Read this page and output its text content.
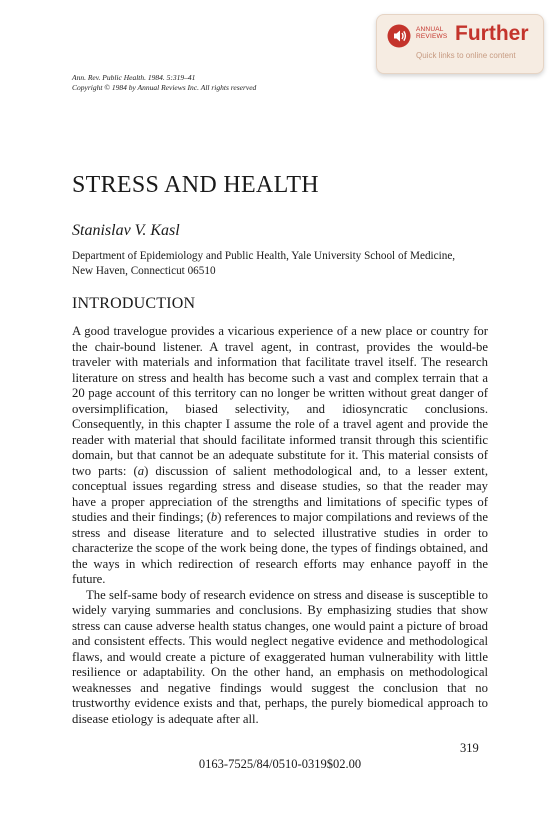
ANNUAL
REVIEWS Further
Quick links to online content
Ann. Rev. Public Health. 1984. 5:319–41
Copyright © 1984 by Annual Reviews Inc. All rights reserved
STRESS AND HEALTH
Stanislav V. Kasl
Department of Epidemiology and Public Health, Yale University School of Medicine,
New Haven, Connecticut 06510
INTRODUCTION

A good travelogue provides a vicarious experience of a new place or country for the chair-bound listener. A travel agent, in contrast, provides the would-be traveler with materials and information that facilitate travel itself. The research literature on stress and health has become such a vast and complex terrain that a 20 page account of this territory can no longer be written without great danger of oversimplification, biased selectivity, and idiosyncratic conclusions. Consequently, in this chapter I assume the role of a travel agent and provide the reader with material that should facilitate informed transit through this scientific domain, but that cannot be an adequate substitute for it. This material consists of two parts: (a) discussion of salient methodological and, to a lesser extent, conceptual issues regarding stress and disease studies, so that the reader may have a proper appreciation of the strengths and limitations of specific types of studies and their findings; (b) references to major compilations and reviews of the stress and disease literature and to selected illustrative studies in order to characterize the scope of the work being done, the types of findings obtained, and the ways in which redirection of research efforts may enhance payoff in the future.

The self-same body of research evidence on stress and disease is susceptible to widely varying summaries and conclusions. By emphasizing studies that show stress can cause adverse health status changes, one would paint a picture of broad and consistent effects. This would neglect negative evidence and methodological flaws, and would create a picture of exaggerated human vulnerability with little resilience or adaptability. On the other hand, an emphasis on methodological weaknesses and negative findings would suggest the conclusion that no trustworthy evidence exists and that, perhaps, the purely biomedical approach to disease etiology is adequate after all.

319
0163-7525/84/0510-0319$02.00
